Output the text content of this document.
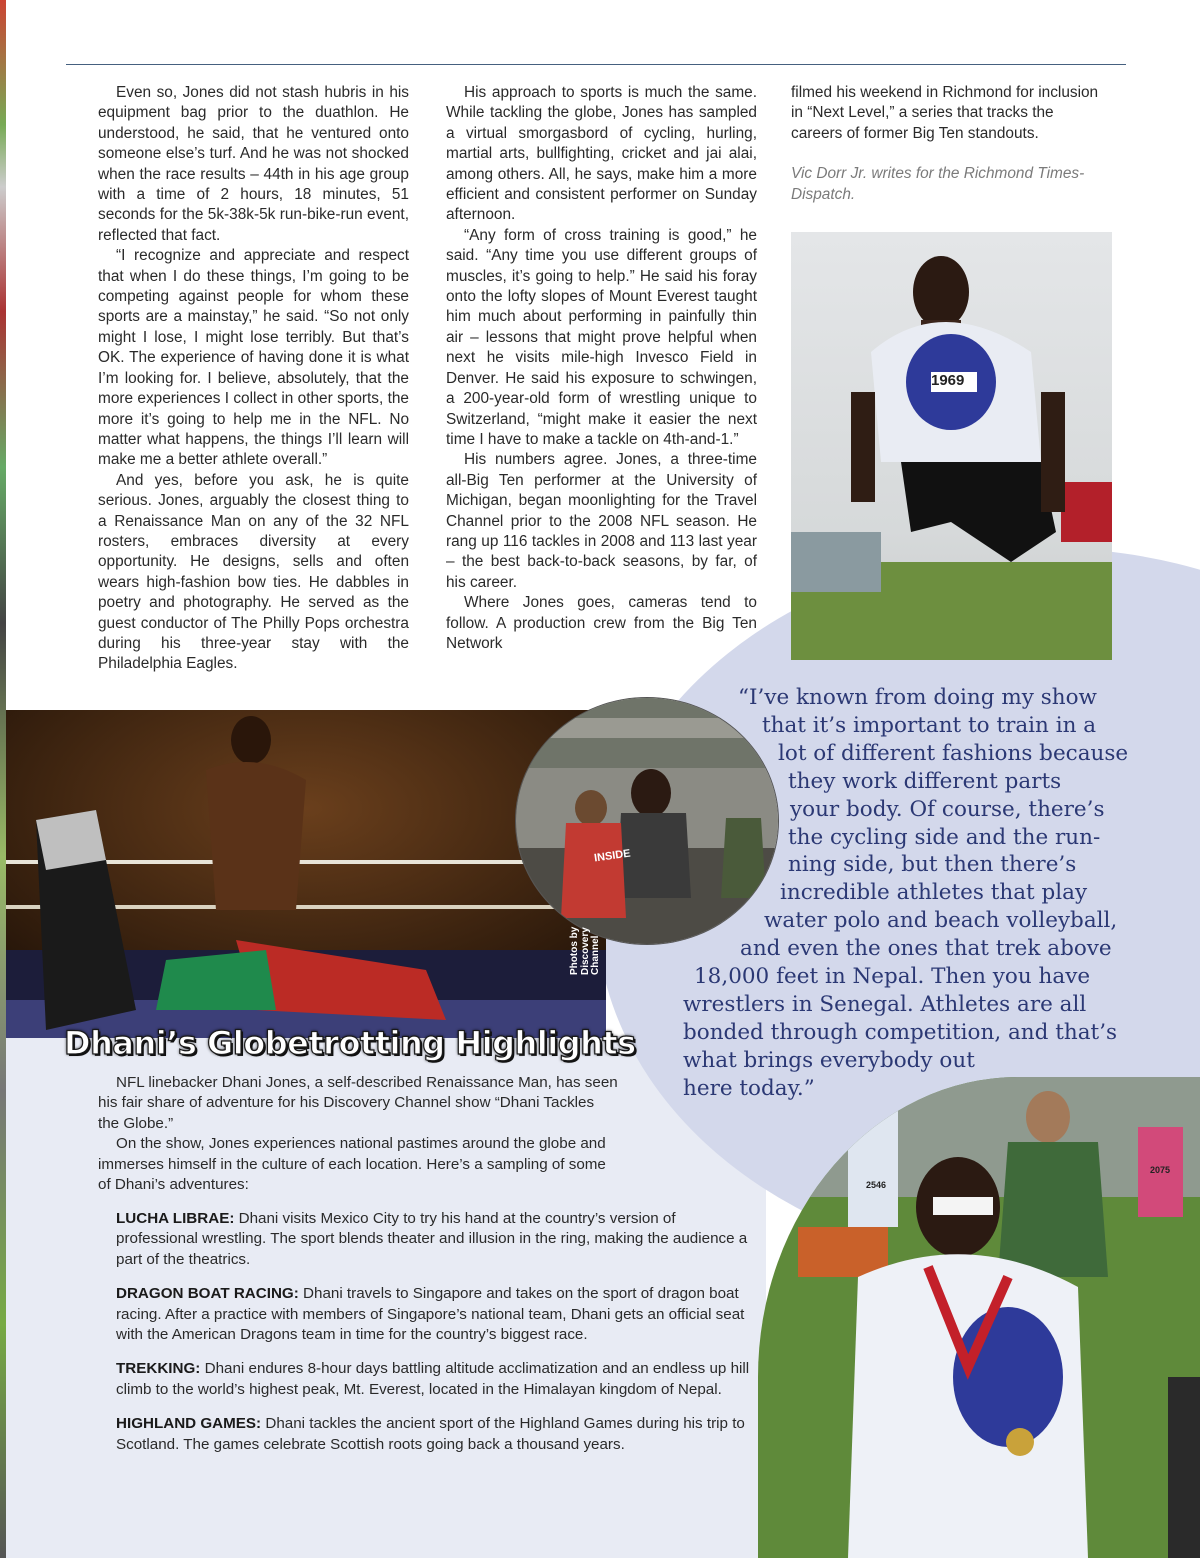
Even so, Jones did not stash hubris in his equipment bag prior to the duathlon. He understood, he said, that he ventured onto someone else’s turf. And he was not shocked when the race results – 44th in his age group with a time of 2 hours, 18 minutes, 51 seconds for the 5k-38k-5k run-bike-run event, reflected that fact.

“I recognize and appreciate and respect that when I do these things, I’m going to be competing against people for whom these sports are a mainstay,” he said. “So not only might I lose, I might lose terribly. But that’s OK. The experience of having done it is what I’m looking for. I believe, absolutely, that the more experiences I collect in other sports, the more it’s going to help me in the NFL. No matter what happens, the things I’ll learn will make me a better athlete overall.”

And yes, before you ask, he is quite serious. Jones, arguably the closest thing to a Renaissance Man on any of the 32 NFL rosters, embraces diversity at every opportunity. He designs, sells and often wears high-fashion bow ties. He dabbles in poetry and photography. He served as the guest conductor of The Philly Pops orchestra during his three-year stay with the Philadelphia Eagles.

His approach to sports is much the same. While tackling the globe, Jones has sampled a virtual smorgasbord of cycling, hurling, martial arts, bullfighting, cricket and jai alai, among others. All, he says, make him a more efficient and consistent performer on Sunday afternoon.

“Any form of cross training is good,” he said. “Any time you use different groups of muscles, it’s going to help.” He said his foray onto the lofty slopes of Mount Everest taught him much about performing in painfully thin air – lessons that might prove helpful when next he visits mile-high Invesco Field in Denver. He said his exposure to schwingen, a 200-year-old form of wrestling unique to Switzerland, “might make it easier the next time I have to make a tackle on 4th-and-1.”

His numbers agree. Jones, a three-time all-Big Ten performer at the University of Michigan, began moonlighting for the Travel Channel prior to the 2008 NFL season. He rang up 116 tackles in 2008 and 113 last year – the best back-to-back seasons, by far, of his career.

Where Jones goes, cameras tend to follow. A production crew from the Big Ten Network

filmed his weekend in Richmond for inclusion in “Next Level,” a series that tracks the careers of former Big Ten standouts.

Vic Dorr Jr. writes for the Richmond Times-Dispatch.

1969
INSIDE
Photos by Discovery Channel
“I’ve known from doing my show
that it’s important to train in a
lot of different fashions because
they work different parts
your body. Of course, there’s
the cycling side and the run-
ning side, but then there’s
incredible athletes that play
water polo and beach volleyball,
and even the ones that trek above
18,000 feet in Nepal. Then you have
wrestlers in Senegal. Athletes are all
bonded through competition, and that’s
what brings everybody out
here today.”
2546
2075
Dhani’s Globetrotting Highlights

NFL linebacker Dhani Jones, a self-described Renaissance Man, has seen his fair share of adventure for his Discovery Channel show “Dhani Tackles the Globe.”

On the show, Jones experiences national pastimes around the globe and immerses himself in the culture of each location. Here’s a sampling of some of Dhani’s adventures:

LUCHA LIBRAE: Dhani visits Mexico City to try his hand at the country’s version of professional wrestling. The sport blends theater and illusion in the ring, making the audience a part of the theatrics.

DRAGON BOAT RACING: Dhani travels to Singapore and takes on the sport of dragon boat racing. After a practice with members of Singapore’s national team, Dhani gets an official seat with the American Dragons team in time for the country’s biggest race.

TREKKING: Dhani endures 8-hour days battling altitude acclimatization and an endless up hill climb to the world’s highest peak, Mt. Everest, located in the Himalayan kingdom of Nepal.

HIGHLAND GAMES: Dhani tackles the ancient sport of the Highland Games during his trip to Scotland. The games celebrate Scottish roots going back a thousand years.
